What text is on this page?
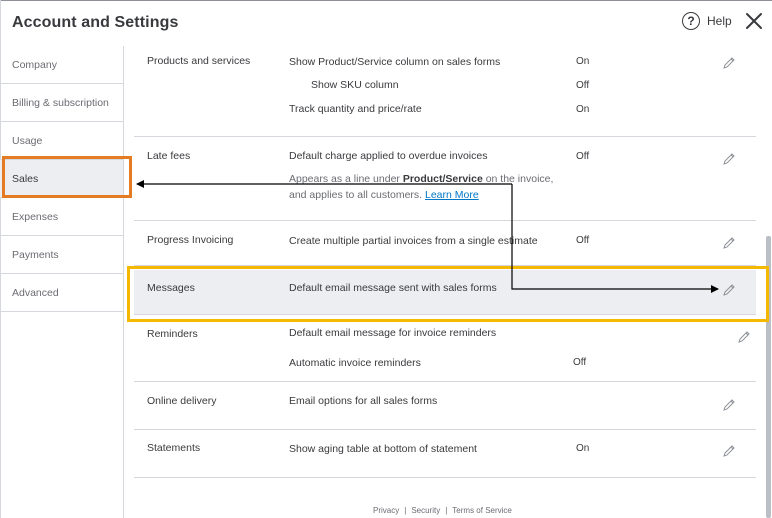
Account and Settings	?	Help
Company
Billing & subscription
Usage
Sales
Expenses
Payments
Advanced
Products and services	Show Product/Service column on sales forms	On
Show SKU column	Off
Track quantity and price/rate	On
Late fees	Default charge applied to overdue invoices	Off
Appears as a line under Product/Service on the invoice, and applies to all customers. Learn More
Progress Invoicing	Create multiple partial invoices from a single estimate	Off
Messages	Default email message sent with sales forms
Reminders	Default email message for invoice reminders
Automatic invoice reminders	Off
Online delivery	Email options for all sales forms
Statements	Show aging table at bottom of statement	On
Privacy | Security | Terms of Service
